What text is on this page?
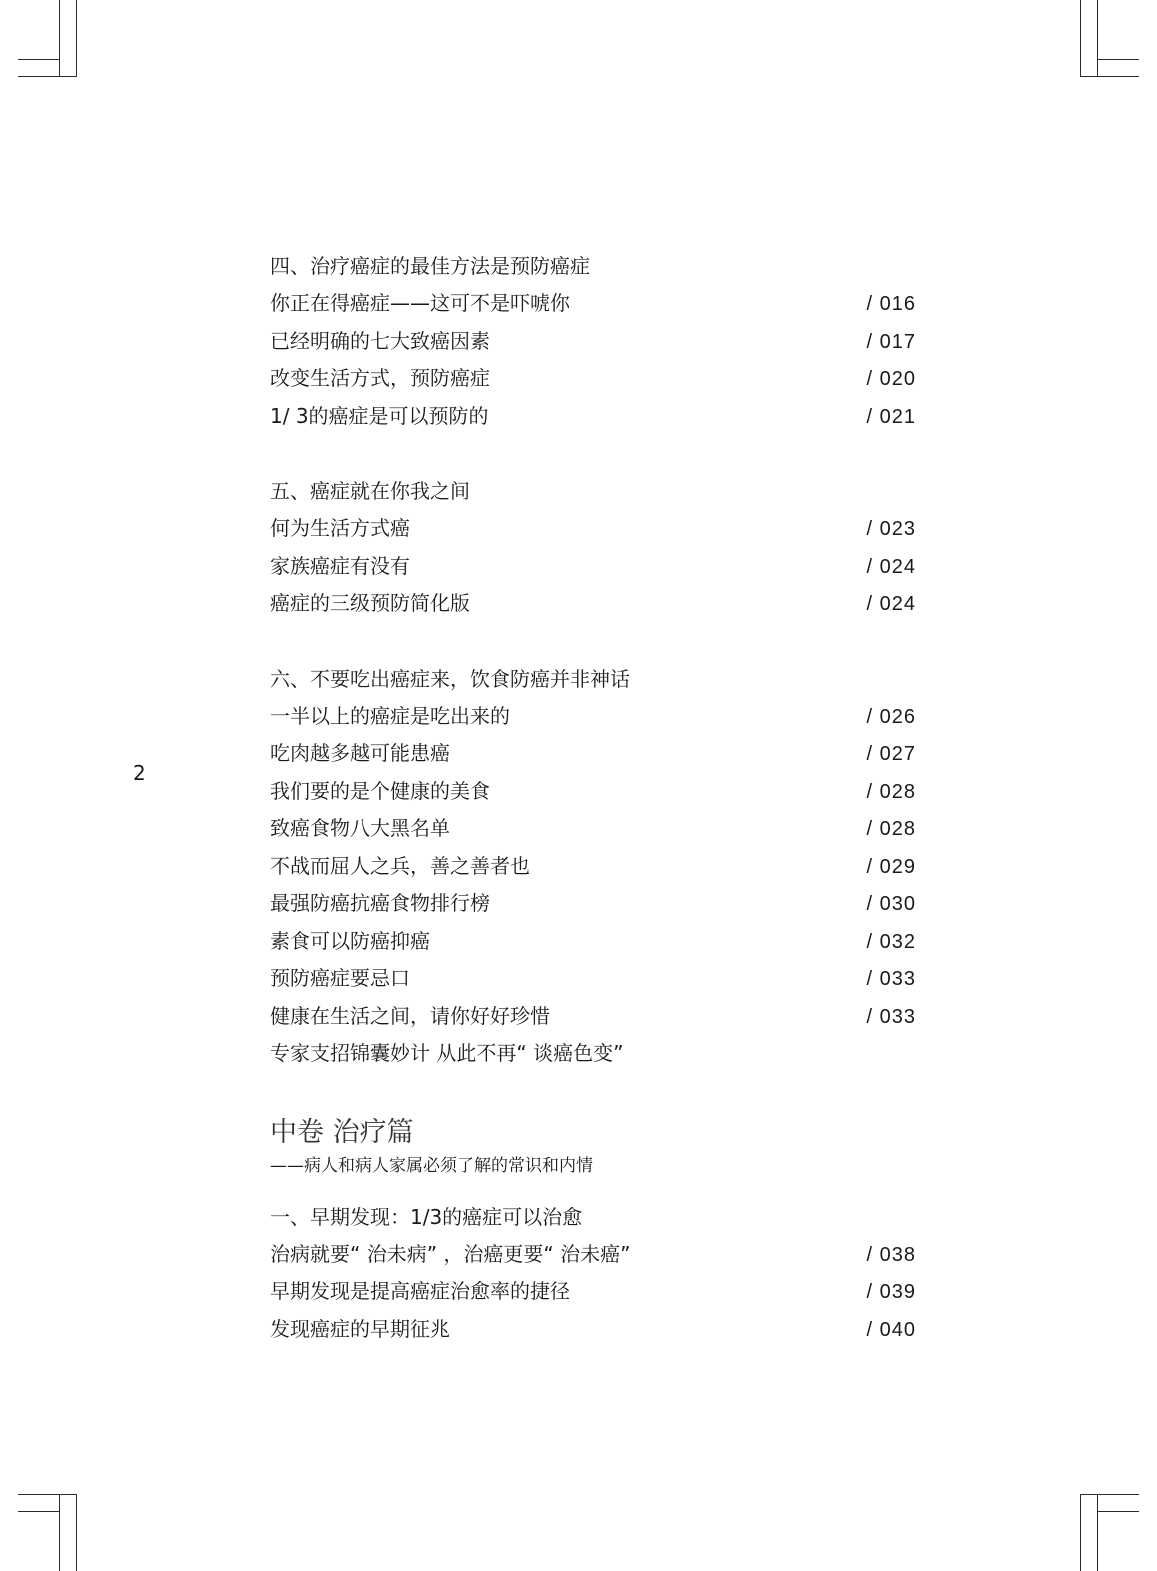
2
四、治疗癌症的最佳方法是预防癌症
你正在得癌症——这可不是吓唬你	/ 016
已经明确的七大致癌因素	/ 017
改变生活方式，预防癌症	/ 020
1/ 3的癌症是可以预防的	/ 021
五、癌症就在你我之间
何为生活方式癌	/ 023
家族癌症有没有	/ 024
癌症的三级预防简化版	/ 024
六、不要吃出癌症来，饮食防癌并非神话
一半以上的癌症是吃出来的	/ 026
吃肉越多越可能患癌	/ 027
我们要的是个健康的美食	/ 028
致癌食物八大黑名单	/ 028
不战而屈人之兵，善之善者也	/ 029
最强防癌抗癌食物排行榜	/ 030
素食可以防癌抑癌	/ 032
预防癌症要忌口	/ 033
健康在生活之间，请你好好珍惜	/ 033
专家支招锦囊妙计 从此不再“ 谈癌色变”
中卷 治疗篇
——病人和病人家属必须了解的常识和内情
一、早期发现：1/3的癌症可以治愈
治病就要“ 治未病” ，治癌更要“ 治未癌”	/ 038
早期发现是提高癌症治愈率的捷径	/ 039
发现癌症的早期征兆	/ 040
